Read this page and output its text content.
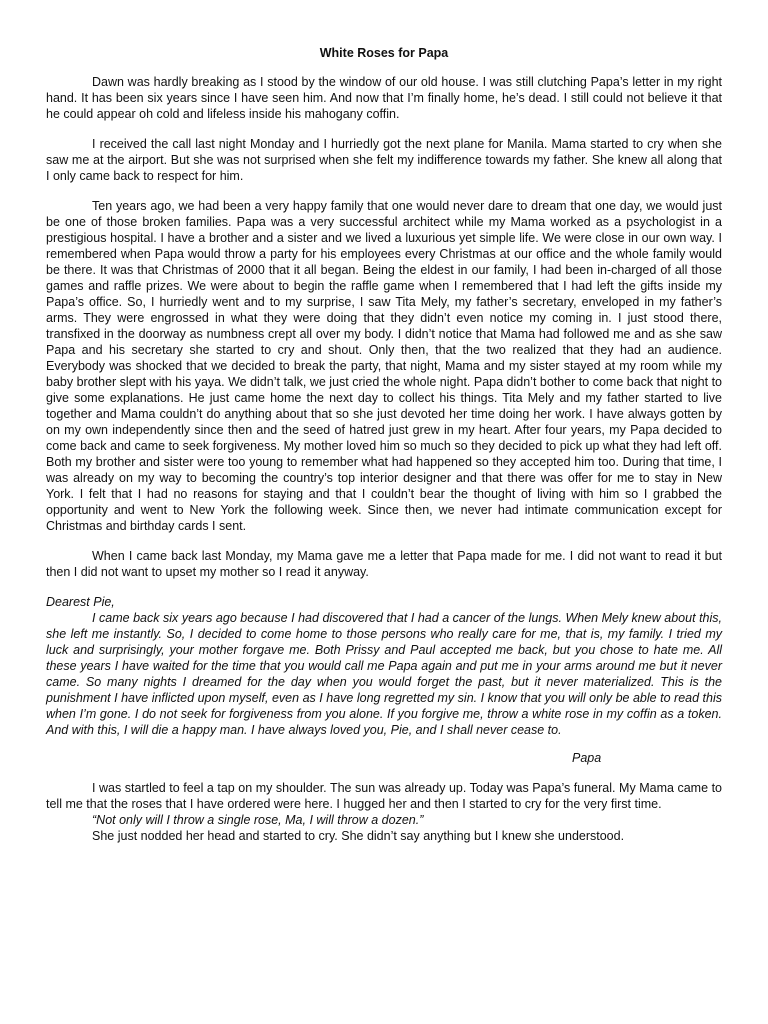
White Roses for Papa

Dawn was hardly breaking as I stood by the window of our old house. I was still clutching Papa’s letter in my right hand. It has been six years since I have seen him. And now that I’m finally home, he’s dead. I still could not believe it that he could appear oh cold and lifeless inside his mahogany coffin.

I received the call last night Monday and I hurriedly got the next plane for Manila. Mama started to cry when she saw me at the airport. But she was not surprised when she felt my indifference towards my father. She knew all along that I only came back to respect for him.

Ten years ago, we had been a very happy family that one would never dare to dream that one day, we would just be one of those broken families. Papa was a very successful architect while my Mama worked as a psychologist in a prestigious hospital. I have a brother and a sister and we lived a luxurious yet simple life. We were close in our own way. I remembered when Papa would throw a party for his employees every Christmas at our office and the whole family would be there. It was that Christmas of 2000 that it all began. Being the eldest in our family, I had been in-charged of all those games and raffle prizes. We were about to begin the raffle game when I remembered that I had left the gifts inside my Papa’s office. So, I hurriedly went and to my surprise, I saw Tita Mely, my father’s secretary, enveloped in my father’s arms. They were engrossed in what they were doing that they didn’t even notice my coming in. I just stood there, transfixed in the doorway as numbness crept all over my body. I didn’t notice that Mama had followed me and as she saw Papa and his secretary she started to cry and shout. Only then, that the two realized that they had an audience. Everybody was shocked that we decided to break the party, that night, Mama and my sister stayed at my room while my baby brother slept with his yaya. We didn’t talk, we just cried the whole night. Papa didn’t bother to come back that night to give some explanations. He just came home the next day to collect his things. Tita Mely and my father started to live together and Mama couldn’t do anything about that so she just devoted her time doing her work. I have always gotten by on my own independently since then and the seed of hatred just grew in my heart. After four years, my Papa decided to come back and came to seek forgiveness. My mother loved him so much so they decided to pick up what they had left off. Both my brother and sister were too young to remember what had happened so they accepted him too. During that time, I was already on my way to becoming the country’s top interior designer and that there was offer for me to stay in New York. I felt that I had no reasons for staying and that I couldn’t bear the thought of living with him so I grabbed the opportunity and went to New York the following week. Since then, we never had intimate communication except for Christmas and birthday cards I sent.

When I came back last Monday, my Mama gave me a letter that Papa made for me. I did not want to read it but then I did not want to upset my mother so I read it anyway.

Dearest Pie,

I came back six years ago because I had discovered that I had a cancer of the lungs. When Mely knew about this, she left me instantly. So, I decided to come home to those persons who really care for me, that is, my family. I tried my luck and surprisingly, your mother forgave me. Both Prissy and Paul accepted me back, but you chose to hate me. All these years I have waited for the time that you would call me Papa again and put me in your arms around me but it never came. So many nights I dreamed for the day when you would forget the past, but it never materialized. This is the punishment I have inflicted upon myself, even as I have long regretted my sin. I know that you will only be able to read this when I’m gone. I do not seek for forgiveness from you alone. If you forgive me, throw a white rose in my coffin as a token. And with this, I will die a happy man. I have always loved you, Pie, and I shall never cease to.

Papa

I was startled to feel a tap on my shoulder. The sun was already up. Today was Papa’s funeral. My Mama came to tell me that the roses that I have ordered were here. I hugged her and then I started to cry for the very first time.

“Not only will I throw a single rose, Ma, I will throw a dozen.”

She just nodded her head and started to cry. She didn’t say anything but I knew she understood.
